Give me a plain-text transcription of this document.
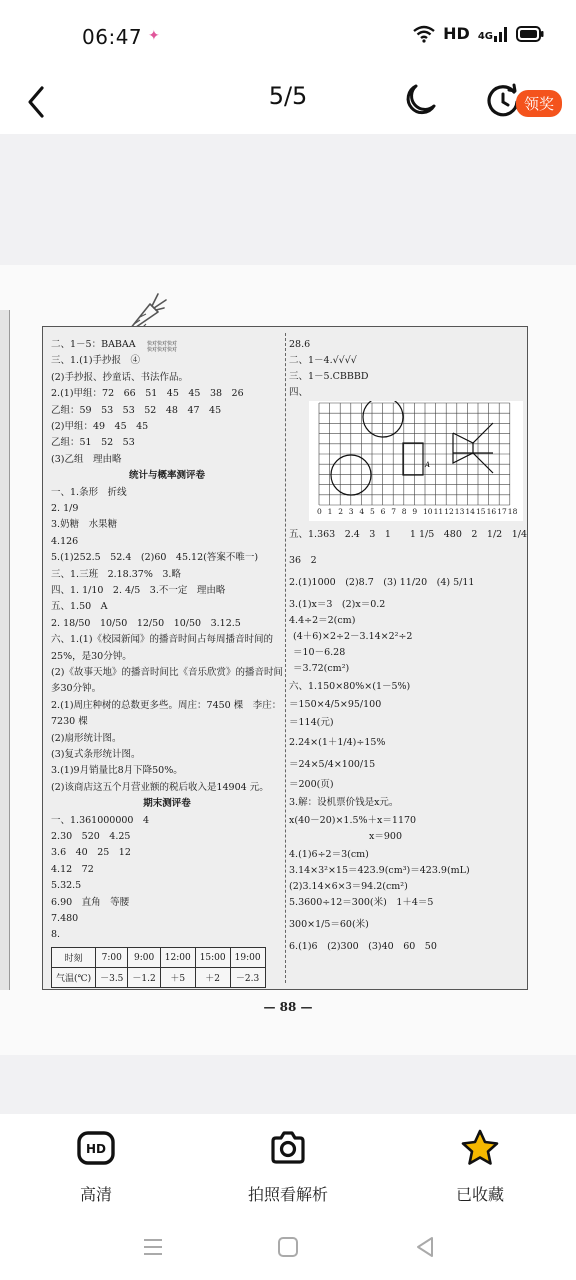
06:47 ✦	HD 4G
5/5	领奖
快对快对快对
快对快对快对
二、1－5：BABAA
三、1.(1)手抄报　④
(2)手抄报、抄童话、书法作品。
2.(1)甲组：72　66　51　45　45　38　26
乙组：59　53　53　52　48　47　45
(2)甲组：49　45　45
乙组：51　52　53
(3)乙组　理由略
统计与概率测评卷
一、1.条形　折线
2. 1/9
3.奶糖　水果糖
4.126
5.(1)252.5　52.4　(2)60　45.12(答案不唯一)
三、1.三班　2.18.37%　3.略
四、1. 1/10　2. 4/5　3.不一定　理由略
五、1.50　A
2. 18/50　10/50　12/50　10/50　3.12.5
六、1.(1)《校园新闻》的播音时间占每周播音时间的
25%，是30分钟。
(2)《故事天地》的播音时间比《音乐欣赏》的播音时间
多30分钟。
2.(1)周庄种树的总数更多些。周庄：7450 棵　李庄：
7230 棵
(2)扇形统计图。
(3)复式条形统计图。
3.(1)9月销量比8月下降50%。
(2)该商店这五个月营业额的税后收入是14904 元。
期末测评卷
一、1.361000000　4
2.30　520　4.25
3.6　40　25　12
4.12　72
5.32.5
6.90　直角　等腰
7.480
8.
时刻	7:00	9:00	12:00	15:00	19:00
气温(℃)	－3.5	－1.2	＋5	＋2	－2.3
28.6
二、1－4.√√√√
三、1－5.CBBBD
四、
A
0 1 2 3 4 5 6 7 8 9 10 11 12 13 14 15 16 17 18
五、1.363　2.4　3　1　　1 1/5　480　2　1/2　1/4
36　2
2.(1)1000　(2)8.7　(3) 11/20　(4) 5/11
3.(1)x＝3　(2)x＝0.2
4.4÷2＝2(cm)
(4＋6)×2÷2－3.14×2²÷2
＝10－6.28
＝3.72(cm²)
六、1.150×80%×(1－5%)
＝150×4/5×95/100
＝114(元)
2.24×(1＋1/4)÷15%
＝24×5/4×100/15
＝200(页)
3.解：设机票价钱是x元。
x(40－20)×1.5%＋x＝1170
x＝900
4.(1)6÷2＝3(cm)
3.14×3²×15＝423.9(cm³)＝423.9(mL)
(2)3.14×6×3＝94.2(cm²)
5.3600÷12＝300(米)　1＋4＝5
300×1/5＝60(米)
6.(1)6　(2)300　(3)40　60　50
— 88 —
HD
高清	拍照看解析	已收藏
